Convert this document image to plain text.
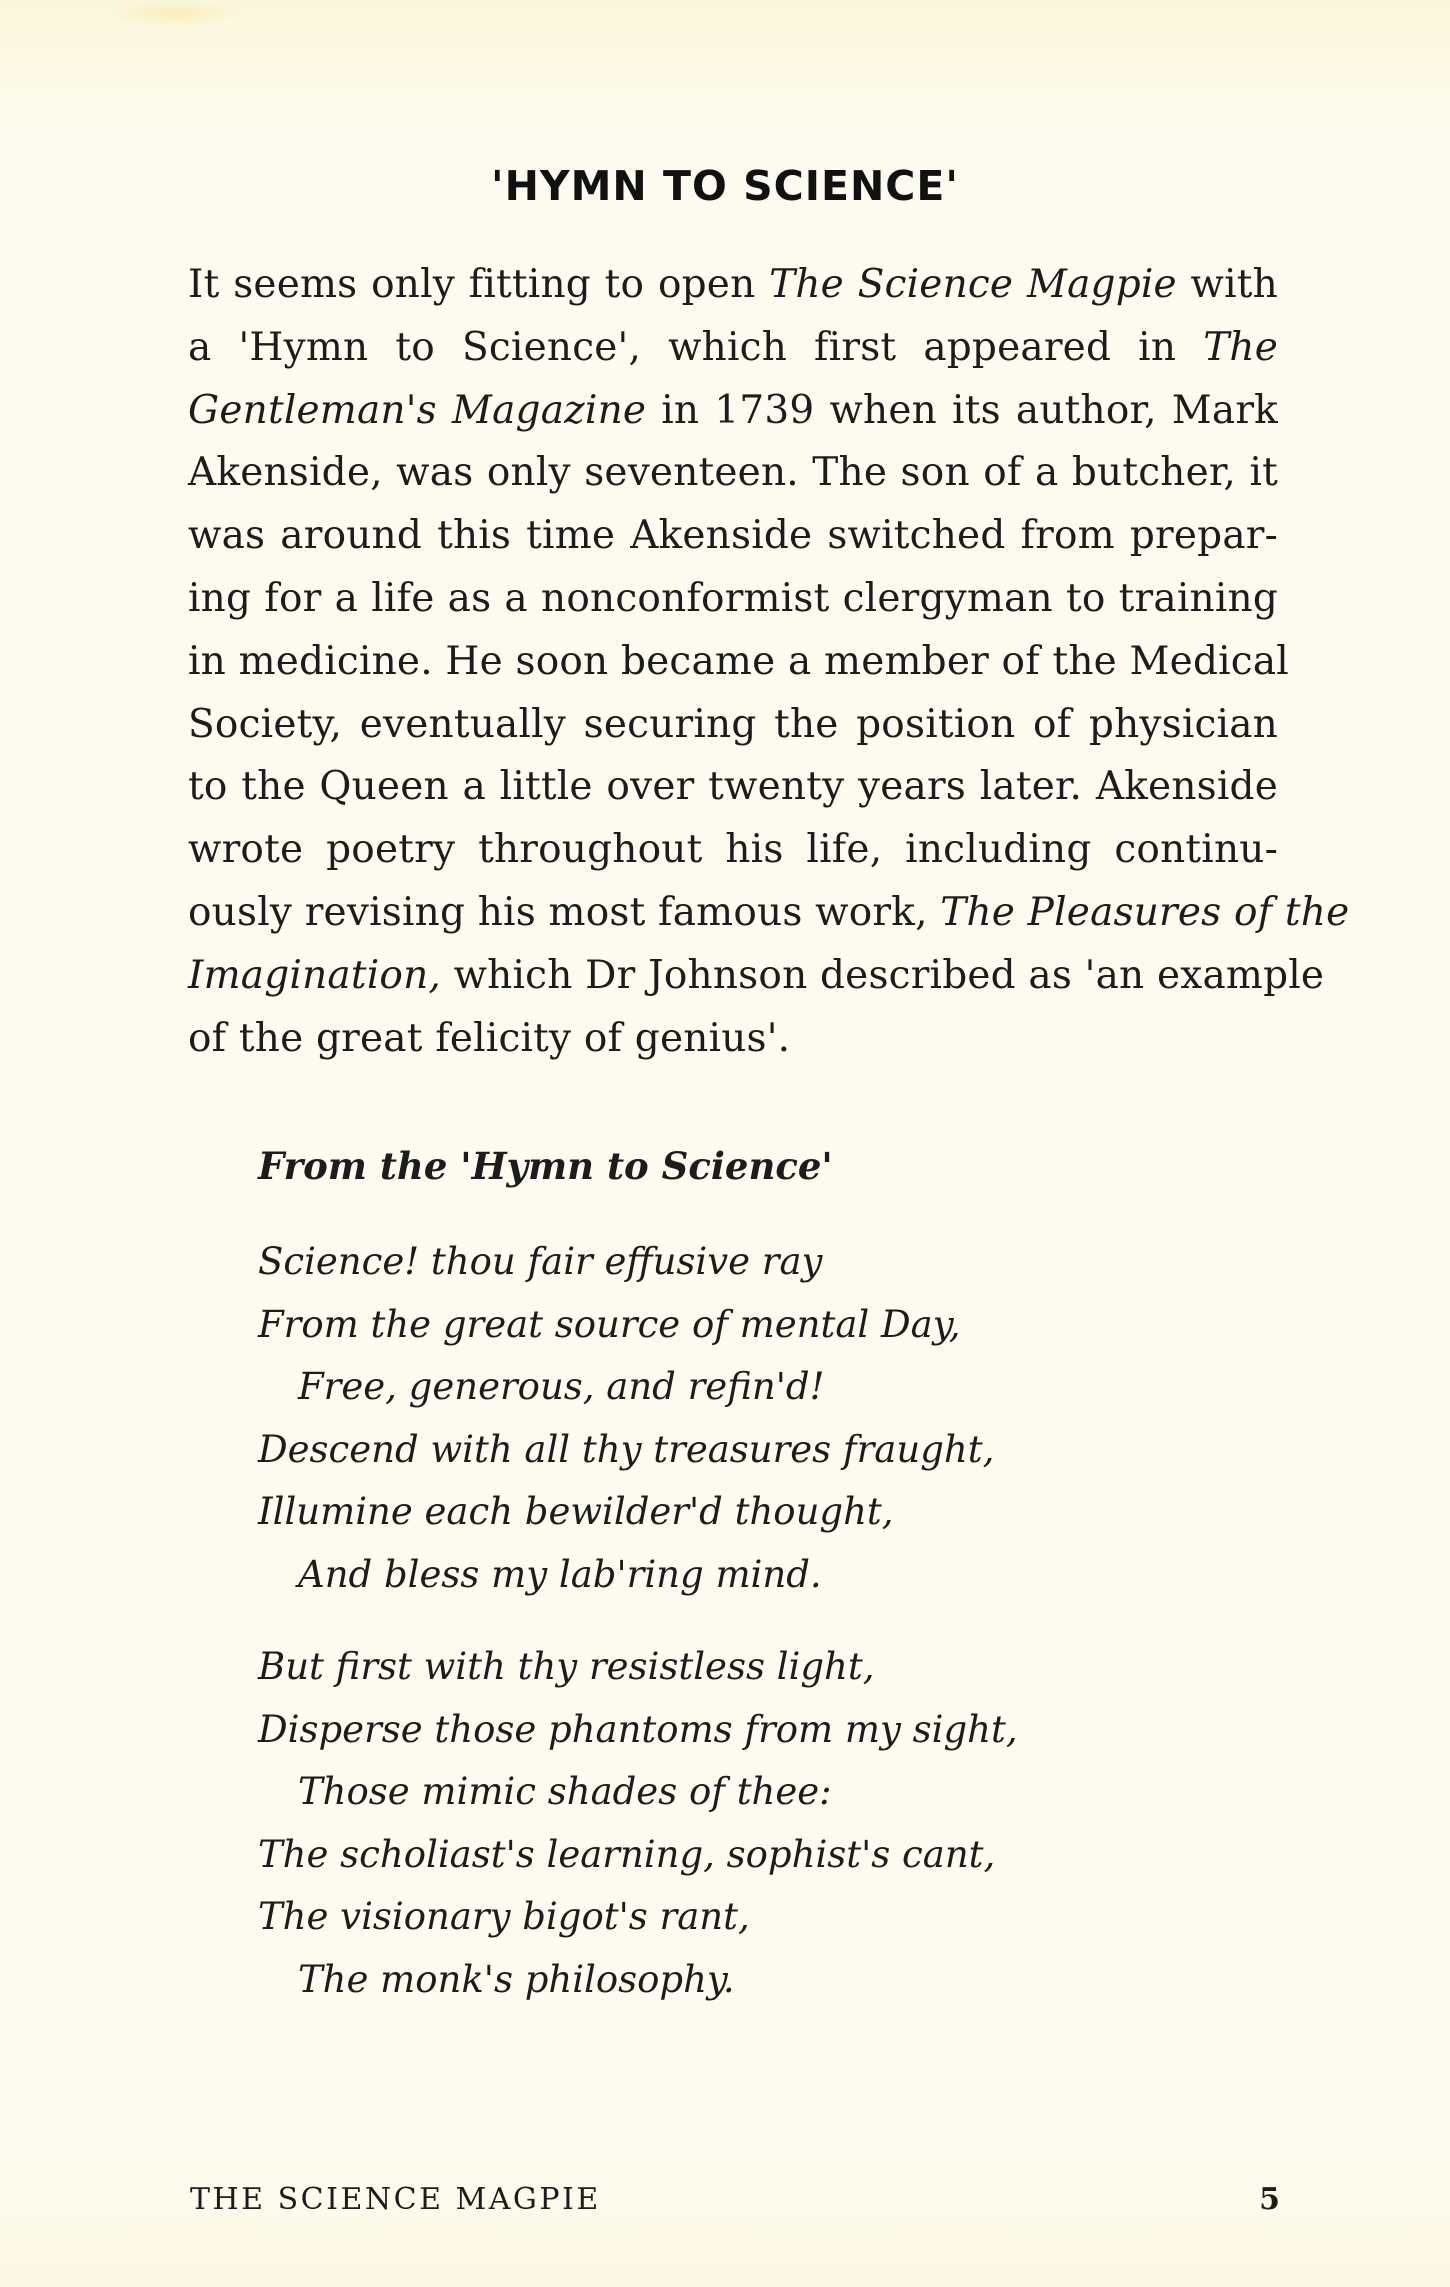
'HYMN TO SCIENCE'
It seems only fitting to open The Science Magpie with
a 'Hymn to Science', which first appeared in The
Gentleman's Magazine in 1739 when its author, Mark
Akenside, was only seventeen. The son of a butcher, it
was around this time Akenside switched from prepar-
ing for a life as a nonconformist clergyman to training
in medicine. He soon became a member of the Medical
Society, eventually securing the position of physician
to the Queen a little over twenty years later. Akenside
wrote poetry throughout his life, including continu-
ously revising his most famous work, The Pleasures of the
Imagination, which Dr Johnson described as 'an example
of the great felicity of genius'.
From the 'Hymn to Science'
Science! thou fair effusive ray
From the great source of mental Day,
Free, generous, and refin'd!
Descend with all thy treasures fraught,
Illumine each bewilder'd thought,
And bless my lab'ring mind.
But first with thy resistless light,
Disperse those phantoms from my sight,
Those mimic shades of thee:
The scholiast's learning, sophist's cant,
The visionary bigot's rant,
The monk's philosophy.
THE SCIENCE MAGPIE	5
